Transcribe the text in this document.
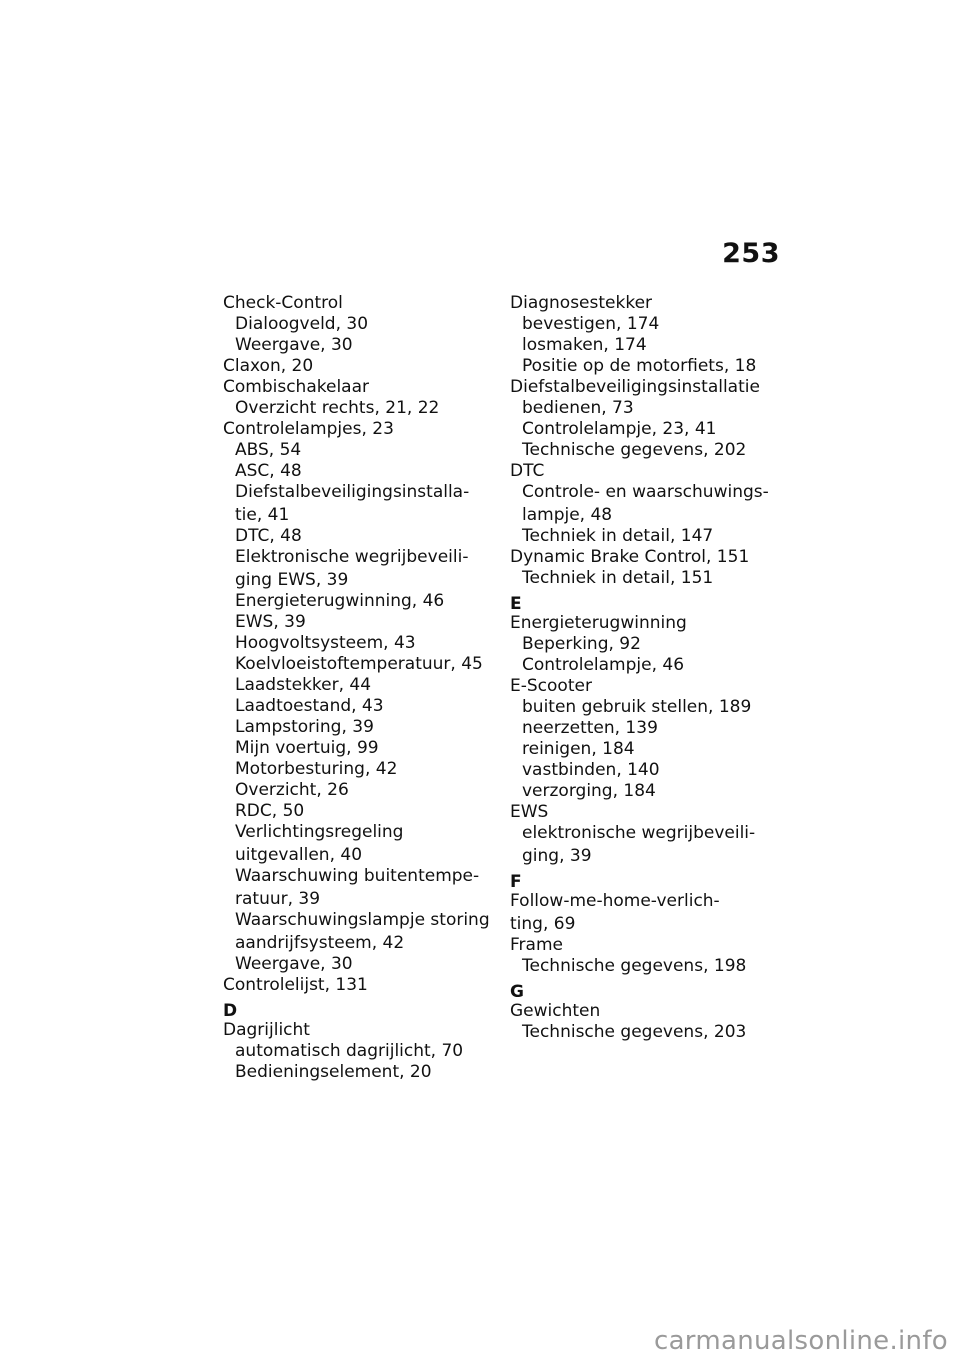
253
Check-Control
Dialoogveld, 30
Weergave, 30
Claxon, 20
Combischakelaar
Overzicht rechts, 21, 22
Controlelampjes, 23
ABS, 54
ASC, 48
Diefstalbeveiligingsinstalla-
tie, 41
DTC, 48
Elektronische wegrijbeveili-
ging EWS, 39
Energieterugwinning, 46
EWS, 39
Hoogvoltsysteem, 43
Koelvloeistoftemperatuur, 45
Laadstekker, 44
Laadtoestand, 43
Lampstoring, 39
Mijn voertuig, 99
Motorbesturing, 42
Overzicht, 26
RDC, 50
Verlichtingsregeling
uitgevallen, 40
Waarschuwing buitentempe-
ratuur, 39
Waarschuwingslampje storing
aandrijfsysteem, 42
Weergave, 30
Controlelijst, 131
D
Dagrijlicht
automatisch dagrijlicht, 70
Bedieningselement, 20
Diagnosestekker
bevestigen, 174
losmaken, 174
Positie op de motorfiets, 18
Diefstalbeveiligingsinstallatie
bedienen, 73
Controlelampje, 23, 41
Technische gegevens, 202
DTC
Controle- en waarschuwings-
lampje, 48
Techniek in detail, 147
Dynamic Brake Control, 151
Techniek in detail, 151
E
Energieterugwinning
Beperking, 92
Controlelampje, 46
E-Scooter
buiten gebruik stellen, 189
neerzetten, 139
reinigen, 184
vastbinden, 140
verzorging, 184
EWS
elektronische wegrijbeveili-
ging, 39
F
Follow-me-home-verlich-
ting, 69
Frame
Technische gegevens, 198
G
Gewichten
Technische gegevens, 203
carmanualsonline.info
